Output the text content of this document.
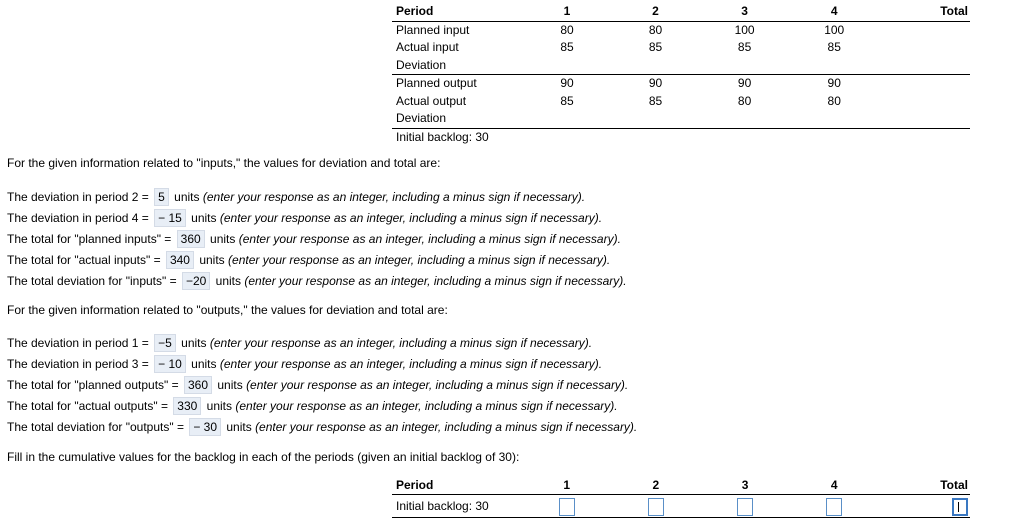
Period	1	2	3	4	Total
Planned input	80	80	100	100	
Actual input	85	85	85	85	
Deviation					
Planned output	90	90	90	90	
Actual output	85	85	80	80	
Deviation					
Initial backlog: 30					
For the given information related to "inputs," the values for deviation and total are:
The deviation in period 2 = 5 units (enter your response as an integer, including a minus sign if necessary).
The deviation in period 4 = − 15 units (enter your response as an integer, including a minus sign if necessary).
The total for "planned inputs" = 360 units (enter your response as an integer, including a minus sign if necessary).
The total for "actual inputs" = 340 units (enter your response as an integer, including a minus sign if necessary).
The total deviation for "inputs" = −20 units (enter your response as an integer, including a minus sign if necessary).
For the given information related to "outputs," the values for deviation and total are:
The deviation in period 1 = −5 units (enter your response as an integer, including a minus sign if necessary).
The deviation in period 3 = − 10 units (enter your response as an integer, including a minus sign if necessary).
The total for "planned outputs" = 360 units (enter your response as an integer, including a minus sign if necessary).
The total for "actual outputs" = 330 units (enter your response as an integer, including a minus sign if necessary).
The total deviation for "outputs" = − 30 units (enter your response as an integer, including a minus sign if necessary).
Fill in the cumulative values for the backlog in each of the periods (given an initial backlog of 30):
Period	1	2	3	4	Total
Initial backlog: 30					
